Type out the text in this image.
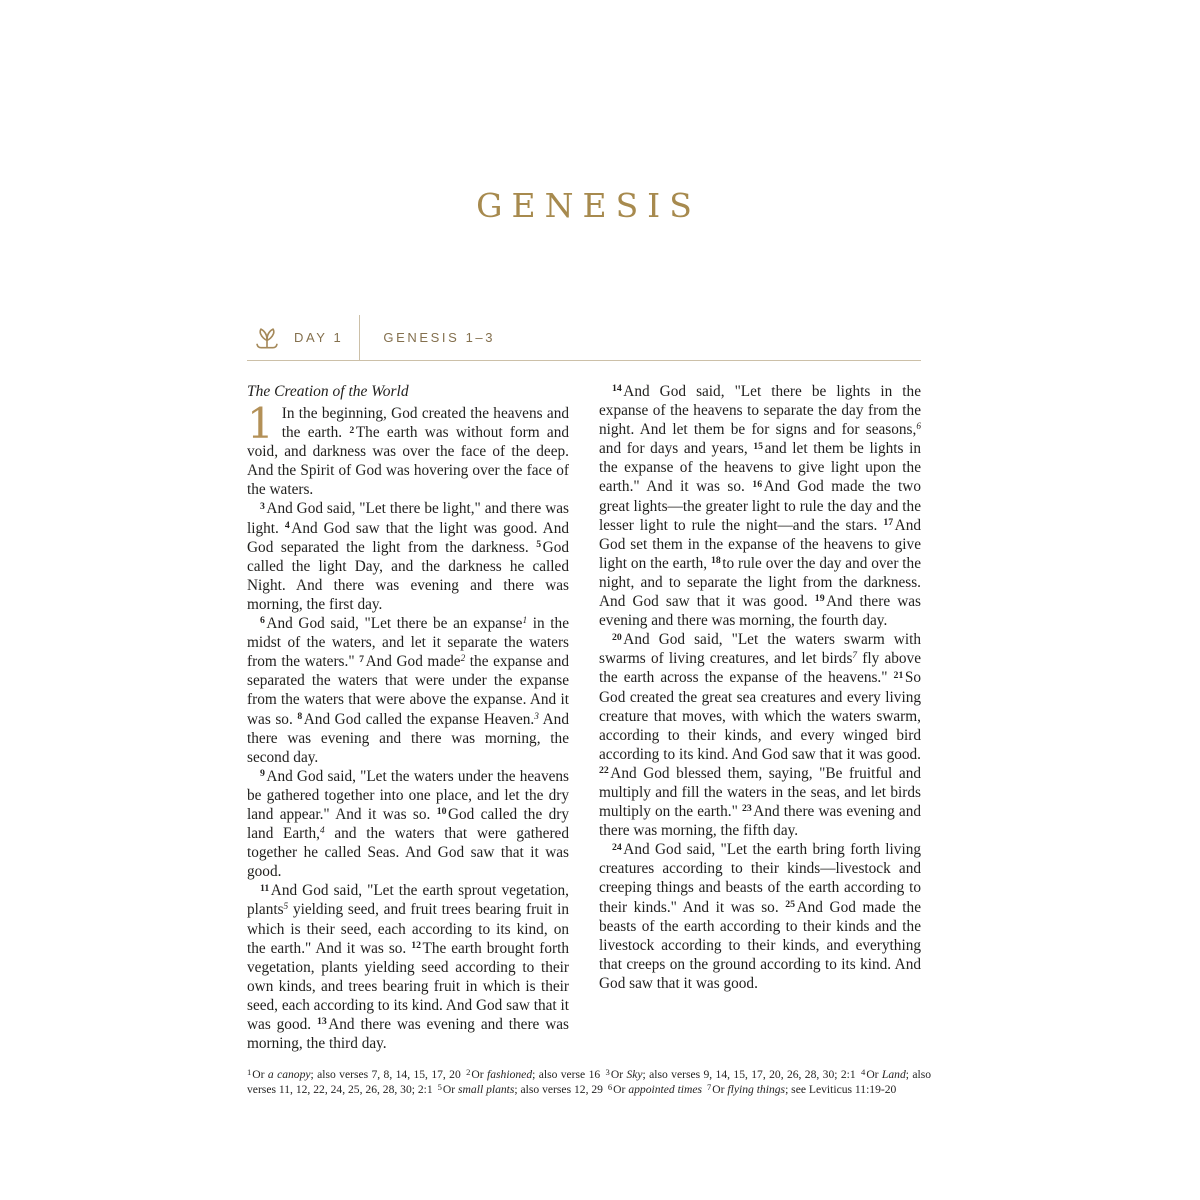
GENESIS
DAY 1	GENESIS 1–3

The Creation of the World

1 In the beginning, God created the heavens and the earth. $^2$The earth was without form and void, and darkness was over the face of the deep. And the Spirit of God was hovering over the face of the waters.

$^3$And God said, "Let there be light," and there was light. $^4$And God saw that the light was good. And God separated the light from the darkness. $^5$God called the light Day, and the darkness he called Night. And there was evening and there was morning, the first day.

$^6$And God said, "Let there be an expanse$^1$ in the midst of the waters, and let it separate the waters from the waters." $^7$And God made$^2$ the expanse and separated the waters that were under the expanse from the waters that were above the expanse. And it was so. $^8$And God called the expanse Heaven.$^3$ And there was evening and there was morning, the second day.

$^9$And God said, "Let the waters under the heavens be gathered together into one place, and let the dry land appear." And it was so. $^{10}$God called the dry land Earth,$^4$ and the waters that were gathered together he called Seas. And God saw that it was good.

$^{11}$And God said, "Let the earth sprout vegetation, plants$^5$ yielding seed, and fruit trees bearing fruit in which is their seed, each according to its kind, on the earth." And it was so. $^{12}$The earth brought forth vegetation, plants yielding seed according to their own kinds, and trees bearing fruit in which is their seed, each according to its kind. And God saw that it was good. $^{13}$And there was evening and there was morning, the third day.

$^{14}$And God said, "Let there be lights in the expanse of the heavens to separate the day from the night. And let them be for signs and for seasons,$^6$ and for days and years, $^{15}$and let them be lights in the expanse of the heavens to give light upon the earth." And it was so. $^{16}$And God made the two great lights—the greater light to rule the day and the lesser light to rule the night—and the stars. $^{17}$And God set them in the expanse of the heavens to give light on the earth, $^{18}$to rule over the day and over the night, and to separate the light from the darkness. And God saw that it was good. $^{19}$And there was evening and there was morning, the fourth day.

$^{20}$And God said, "Let the waters swarm with swarms of living creatures, and let birds$^7$ fly above the earth across the expanse of the heavens." $^{21}$So God created the great sea creatures and every living creature that moves, with which the waters swarm, according to their kinds, and every winged bird according to its kind. And God saw that it was good. $^{22}$And God blessed them, saying, "Be fruitful and multiply and fill the waters in the seas, and let birds multiply on the earth." $^{23}$And there was evening and there was morning, the fifth day.

$^{24}$And God said, "Let the earth bring forth living creatures according to their kinds—livestock and creeping things and beasts of the earth according to their kinds." And it was so. $^{25}$And God made the beasts of the earth according to their kinds and the livestock according to their kinds, and everything that creeps on the ground according to its kind. And God saw that it was good.

$^1$Or a canopy; also verses 7, 8, 14, 15, 17, 20 $^2$Or fashioned; also verse 16 $^3$Or Sky; also verses 9, 14, 15, 17, 20, 26, 28, 30; 2:1 $^4$Or Land; also verses 11, 12, 22, 24, 25, 26, 28, 30; 2:1 $^5$Or small plants; also verses 12, 29 $^6$Or appointed times $^7$Or flying things; see Leviticus 11:19-20
